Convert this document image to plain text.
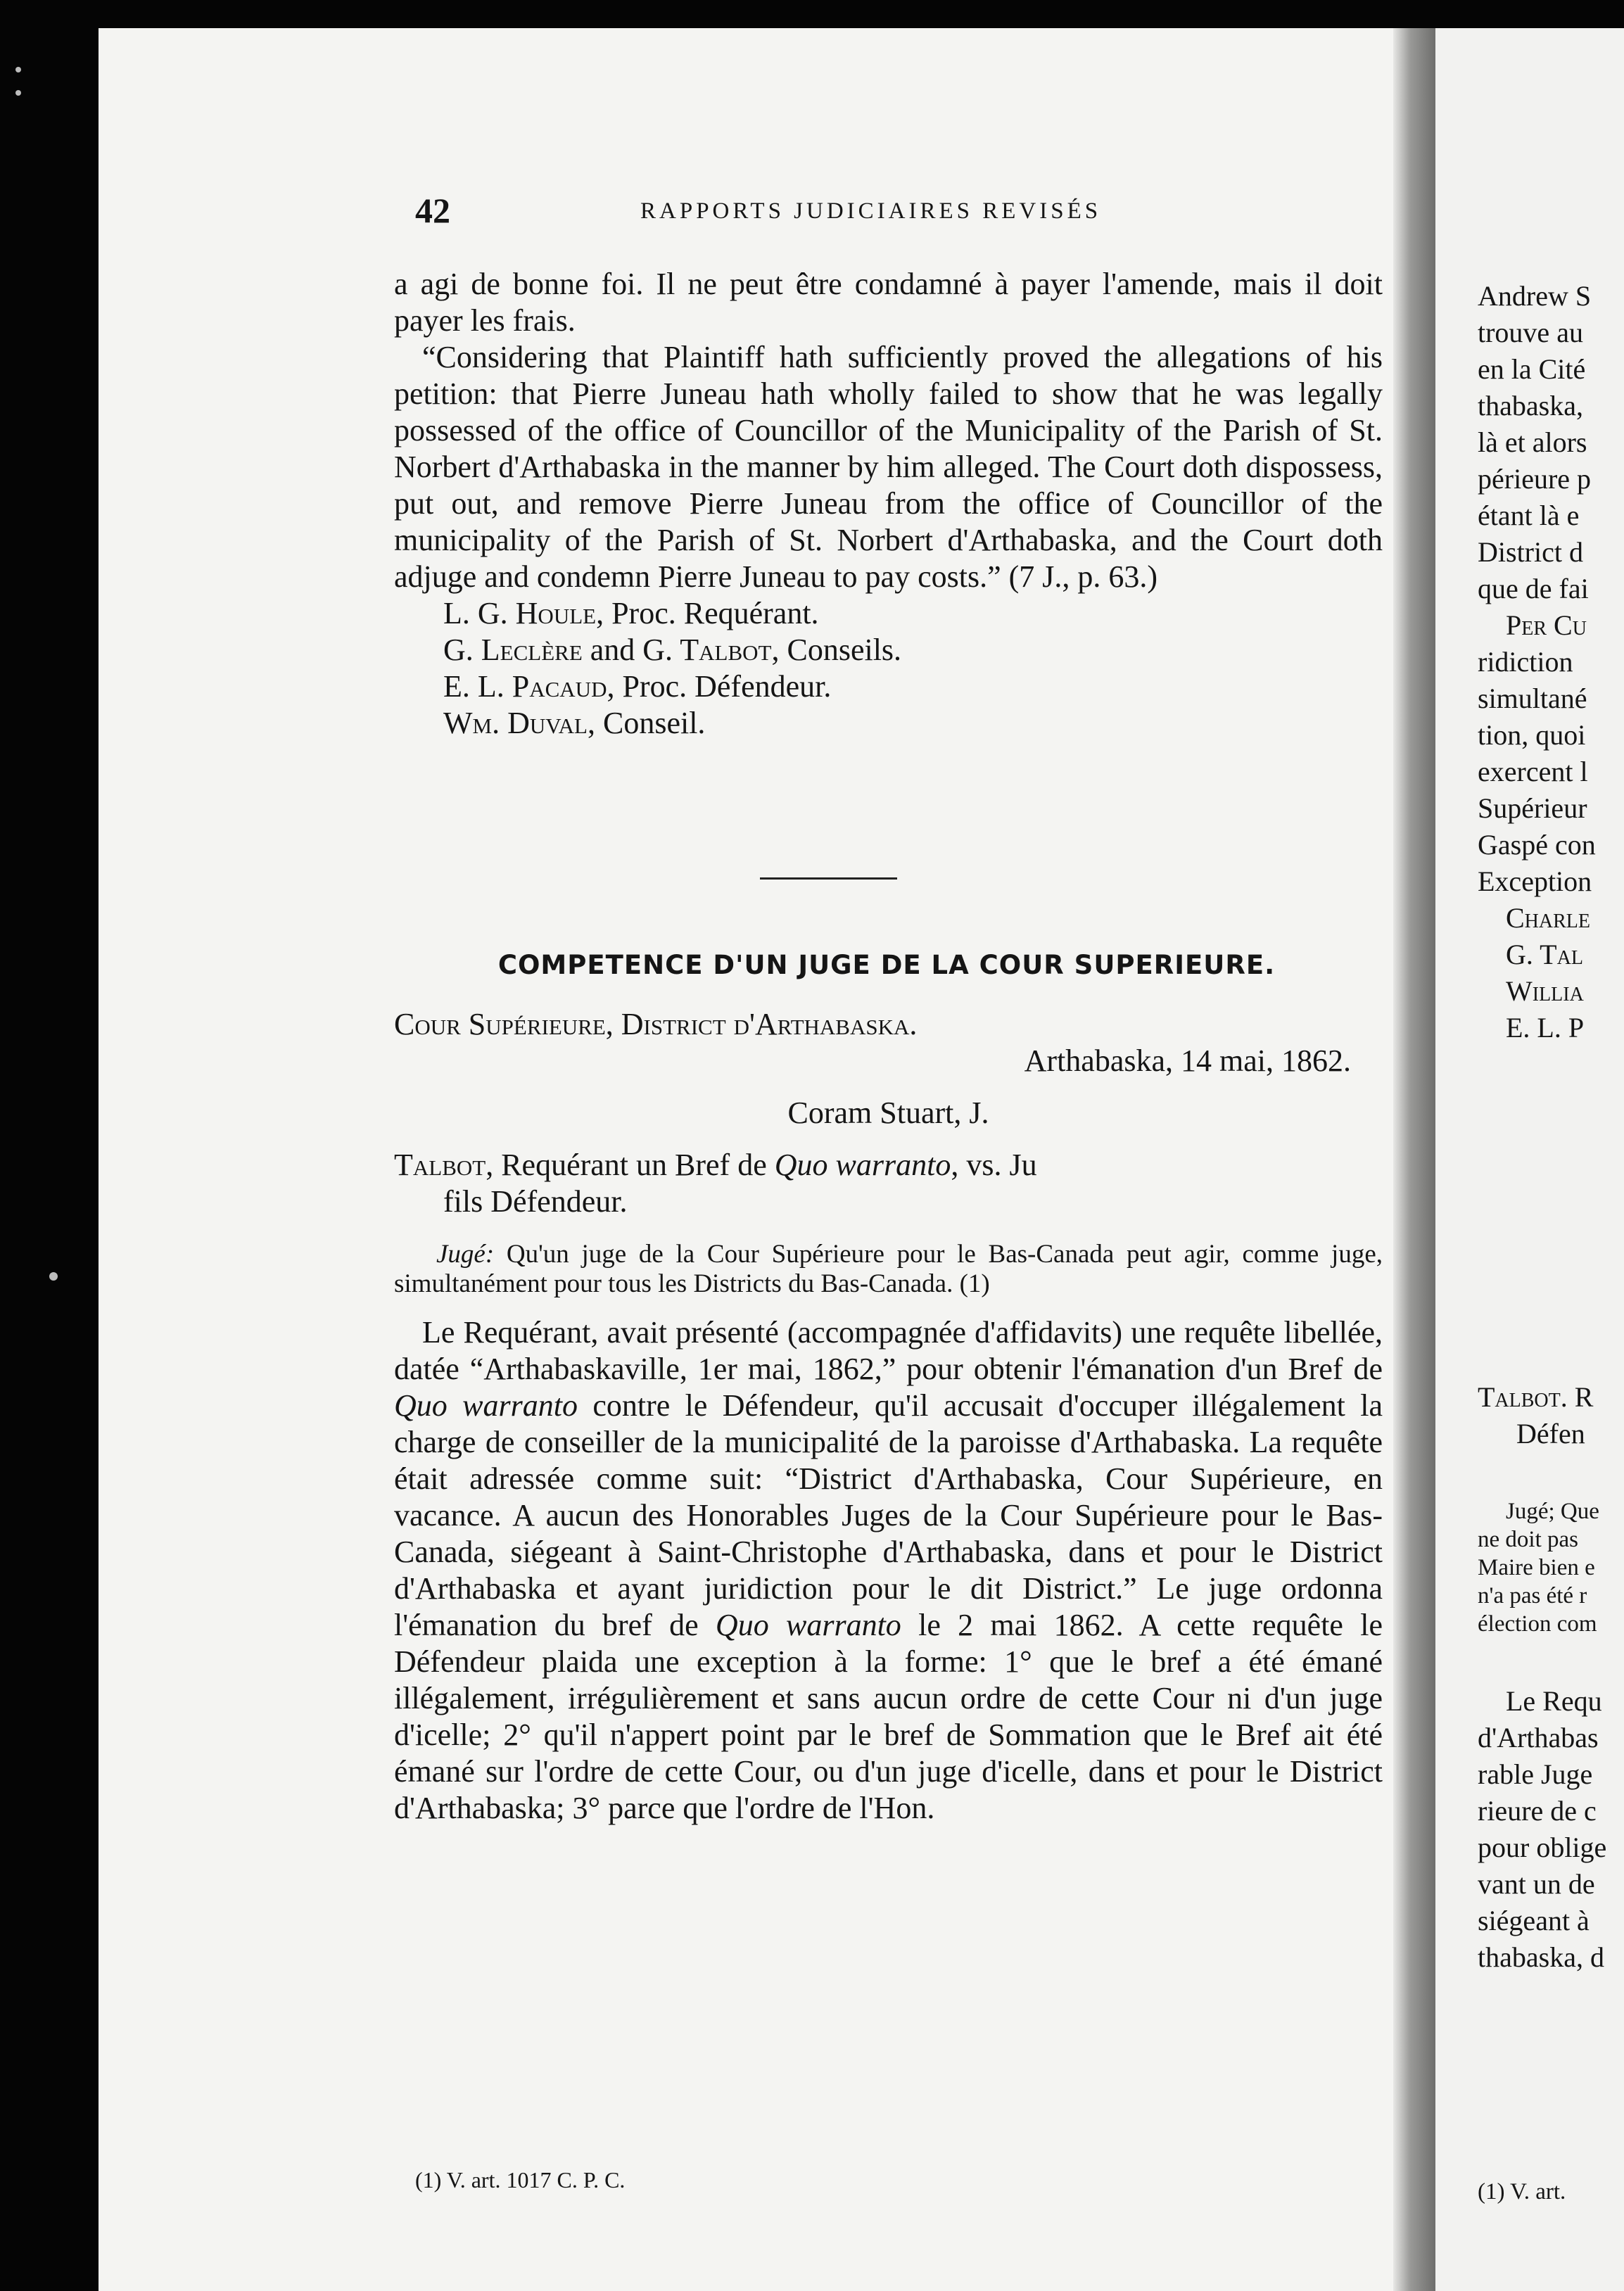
42	RAPPORTS JUDICIAIRES REVISÉS

a agi de bonne foi. Il ne peut être condamné à payer l'amende, mais il doit payer les frais.

“Considering that Plaintiff hath sufficiently proved the allegations of his petition: that Pierre Juneau hath wholly failed to show that he was legally possessed of the office of Councillor of the Municipality of the Parish of St. Norbert d'Arthabaska in the manner by him alleged. The Court doth dispossess, put out, and remove Pierre Juneau from the office of Councillor of the municipality of the Parish of St. Norbert d'Arthabaska, and the Court doth adjuge and condemn Pierre Juneau to pay costs.” (7 J., p. 63.)

L. G. Houle, Proc. Requérant.

G. Leclère and G. Talbot, Conseils.

E. L. Pacaud, Proc. Défendeur.

Wm. Duval, Conseil.

COMPETENCE D'UN JUGE DE LA COUR SUPERIEURE.

Cour Supérieure, District d'Arthabaska.

Arthabaska, 14 mai, 1862.

Coram Stuart, J.

Talbot, Requérant un Bref de Quo warranto, vs. Ju
fils Défendeur.

Jugé: Qu'un juge de la Cour Supérieure pour le Bas-Canada peut agir, comme juge, simultanément pour tous les Districts du Bas-Canada. (1)

Le Requérant, avait présenté (accompagnée d'affidavits) une requête libellée, datée “Arthabaskaville, 1er mai, 1862,” pour obtenir l'émanation d'un Bref de Quo warranto contre le Défendeur, qu'il accusait d'occuper illégalement la charge de conseiller de la municipalité de la paroisse d'Arthabaska. La requête était adressée comme suit: “District d'Arthabaska, Cour Supérieure, en vacance. A aucun des Honorables Juges de la Cour Supérieure pour le Bas-Canada, siégeant à Saint-Christophe d'Arthabaska, dans et pour le District d'Arthabaska et ayant juridiction pour le dit District.” Le juge ordonna l'émanation du bref de Quo warranto le 2 mai 1862. A cette requête le Défendeur plaida une exception à la forme: 1° que le bref a été émané illégalement, irrégulièrement et sans aucun ordre de cette Cour ni d'un juge d'icelle; 2° qu'il n'appert point par le bref de Sommation que le Bref ait été émané sur l'ordre de cette Cour, ou d'un juge d'icelle, dans et pour le District d'Arthabaska; 3° parce que l'ordre de l'Hon.

(1) V. art. 1017 C. P. C.
Andrew S
trouve au
en la Cité
thabaska,
là et alors
périeure p
étant là e
District d
que de fai
Per Cu
ridiction
simultané
tion, quoi
exercent l
Supérieur
Gaspé con
Exception
Charle
G. Tal
Willia
E. L. P
Talbot. R
Défen
Jugé; Que
ne doit pas
Maire bien e
n'a pas été r
élection com
Le Requ
d'Arthabas
rable Juge
rieure de c
pour oblige
vant un de
siégeant à
thabaska, d
(1) V. art.
